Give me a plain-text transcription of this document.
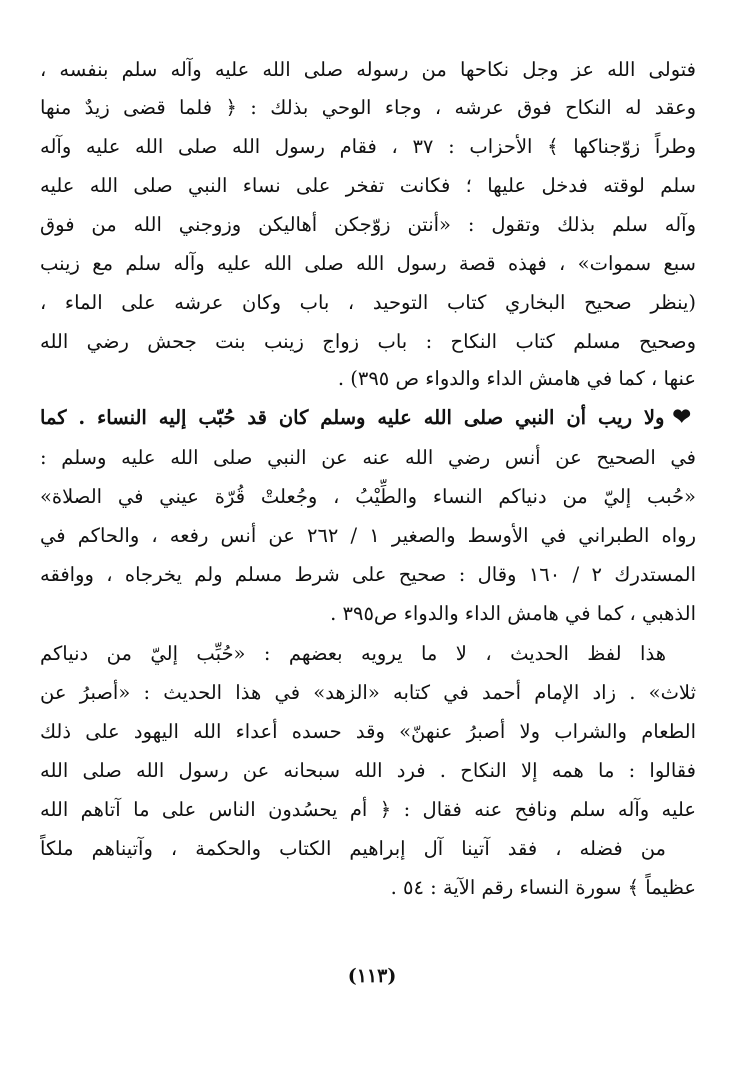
فتولى الله عز وجل نكاحها من رسوله صلى الله عليه وآله سلم بنفسه ،
وعقد له النكاح فوق عرشه ، وجاء الوحي بذلك : ﴿ فلما قضى زيدٌ منها
وطراً زوّجناكها ﴾ الأحزاب : ٣٧ ، فقام رسول الله صلى الله عليه وآله
سلم لوقته فدخل عليها ؛ فكانت تفخر على نساء النبي صلى الله عليه
وآله سلم بذلك وتقول : «أنتن زوّجكن أهاليكن وزوجني الله من فوق
سبع سموات» ، فهذه قصة رسول الله صلى الله عليه وآله سلم مع زينب
(ينظر صحيح البخاري كتاب التوحيد ، باب وكان عرشه على الماء ،
وصحيح مسلم كتاب النكاح : باب زواج زينب بنت جحش رضي الله
عنها ، كما في هامش الداء والدواء ص ٣٩٥) .
❤ولا ريب أن النبي صلى الله عليه وسلم كان قد حُبّب إليه النساء . كما
في الصحيح عن أنس رضي الله عنه عن النبي صلى الله عليه وسلم :
«حُبب إليّ من دنياكم النساء والطِّيْبُ ، وجُعلتْ قُرّة عيني في الصلاة»
رواه الطبراني في الأوسط والصغير ١ / ٢٦٢ عن أنس رفعه ، والحاكم في
المستدرك ٢ / ١٦٠ وقال : صحيح على شرط مسلم ولم يخرجاه ، ووافقه
الذهبي ، كما في هامش الداء والدواء ص٣٩٥ .
هذا لفظ الحديث ، لا ما يرويه بعضهم : «حُبِّب إليّ من دنياكم
ثلاث» . زاد الإمام أحمد في كتابه «الزهد» في هذا الحديث : «أصبرُ عن
الطعام والشراب ولا أصبرُ عنهنّ» وقد حسده أعداء الله اليهود على ذلك
فقالوا : ما همه إلا النكاح . فرد الله سبحانه عن رسول الله صلى الله
عليه وآله سلم ونافح عنه فقال : ﴿ أم يحسُدون الناس على ما آتاهم الله
من فضله ، فقد آتينا آل إبراهيم الكتاب والحكمة ، وآتيناهم ملكاً
عظيماً ﴾ سورة النساء رقم الآية : ٥٤ .
(١١٣)
